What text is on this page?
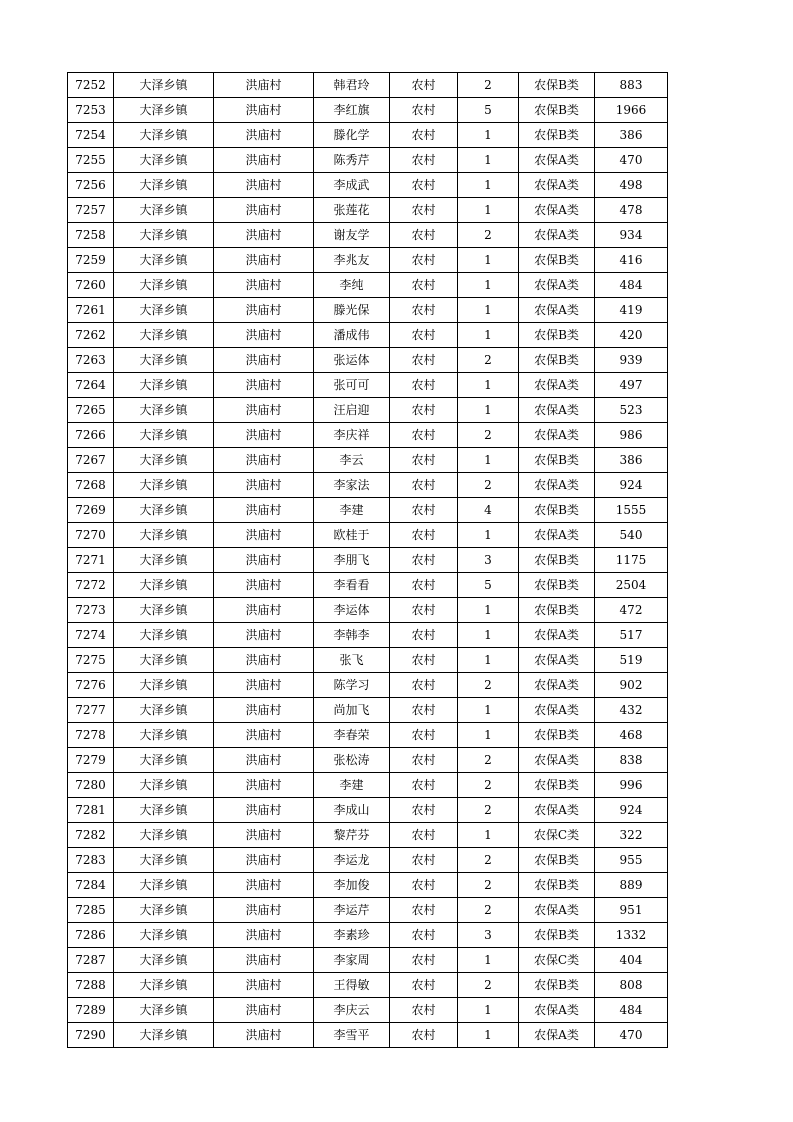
7252	大泽乡镇	洪庙村	韩君玲	农村	2	农保B类	883
7253	大泽乡镇	洪庙村	李红旗	农村	5	农保B类	1966
7254	大泽乡镇	洪庙村	滕化学	农村	1	农保B类	386
7255	大泽乡镇	洪庙村	陈秀芹	农村	1	农保A类	470
7256	大泽乡镇	洪庙村	李成武	农村	1	农保A类	498
7257	大泽乡镇	洪庙村	张莲花	农村	1	农保A类	478
7258	大泽乡镇	洪庙村	谢友学	农村	2	农保A类	934
7259	大泽乡镇	洪庙村	李兆友	农村	1	农保B类	416
7260	大泽乡镇	洪庙村	李纯	农村	1	农保A类	484
7261	大泽乡镇	洪庙村	滕光保	农村	1	农保A类	419
7262	大泽乡镇	洪庙村	潘成伟	农村	1	农保B类	420
7263	大泽乡镇	洪庙村	张运体	农村	2	农保B类	939
7264	大泽乡镇	洪庙村	张可可	农村	1	农保A类	497
7265	大泽乡镇	洪庙村	汪启迎	农村	1	农保A类	523
7266	大泽乡镇	洪庙村	李庆祥	农村	2	农保A类	986
7267	大泽乡镇	洪庙村	李云	农村	1	农保B类	386
7268	大泽乡镇	洪庙村	李家法	农村	2	农保A类	924
7269	大泽乡镇	洪庙村	李建	农村	4	农保B类	1555
7270	大泽乡镇	洪庙村	欧桂于	农村	1	农保A类	540
7271	大泽乡镇	洪庙村	李朋飞	农村	3	农保B类	1175
7272	大泽乡镇	洪庙村	李看看	农村	5	农保B类	2504
7273	大泽乡镇	洪庙村	李运体	农村	1	农保B类	472
7274	大泽乡镇	洪庙村	李韩李	农村	1	农保A类	517
7275	大泽乡镇	洪庙村	张飞	农村	1	农保A类	519
7276	大泽乡镇	洪庙村	陈学习	农村	2	农保A类	902
7277	大泽乡镇	洪庙村	尚加飞	农村	1	农保A类	432
7278	大泽乡镇	洪庙村	李春荣	农村	1	农保B类	468
7279	大泽乡镇	洪庙村	张松涛	农村	2	农保A类	838
7280	大泽乡镇	洪庙村	李建	农村	2	农保B类	996
7281	大泽乡镇	洪庙村	李成山	农村	2	农保A类	924
7282	大泽乡镇	洪庙村	黎芹芬	农村	1	农保C类	322
7283	大泽乡镇	洪庙村	李运龙	农村	2	农保B类	955
7284	大泽乡镇	洪庙村	李加俊	农村	2	农保B类	889
7285	大泽乡镇	洪庙村	李运芹	农村	2	农保A类	951
7286	大泽乡镇	洪庙村	李素珍	农村	3	农保B类	1332
7287	大泽乡镇	洪庙村	李家周	农村	1	农保C类	404
7288	大泽乡镇	洪庙村	王得敏	农村	2	农保B类	808
7289	大泽乡镇	洪庙村	李庆云	农村	1	农保A类	484
7290	大泽乡镇	洪庙村	李雪平	农村	1	农保A类	470
